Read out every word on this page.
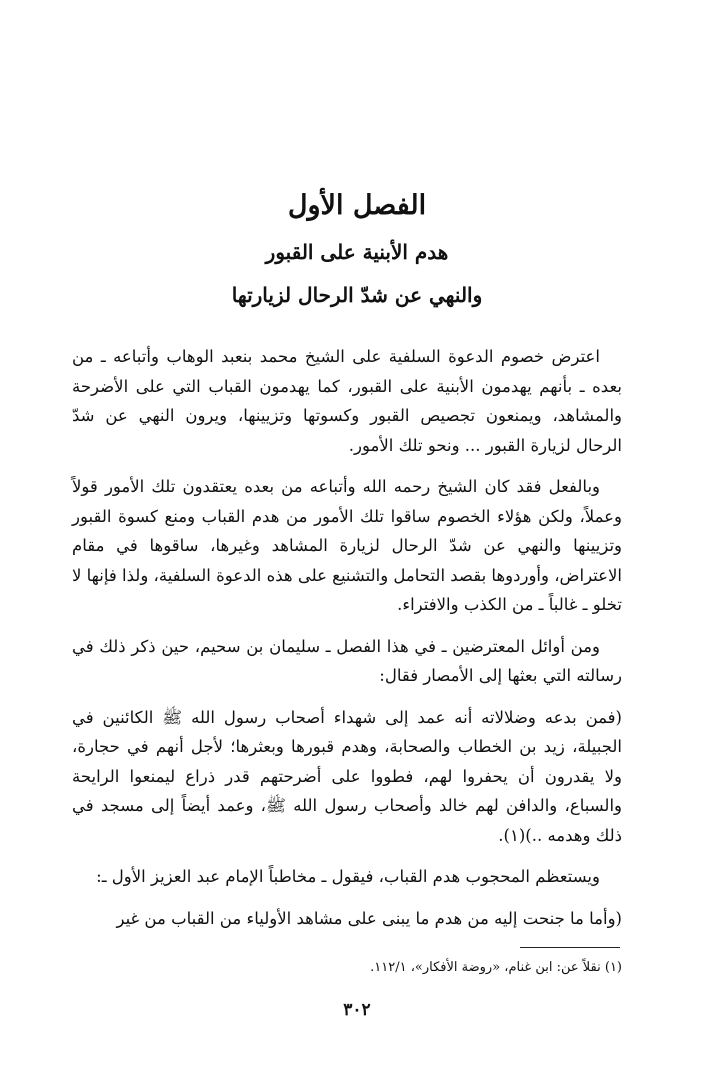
الفصل الأول
هدم الأبنية على القبور
والنهي عن شدّ الرحال لزيارتها

اعترض خصوم الدعوة السلفية على الشيخ محمد بنعبد الوهاب وأتباعه ـ من بعده ـ بأنهم يهدمون الأبنية على القبور، كما يهدمون القباب التي على الأضرحة والمشاهد، ويمنعون تجصيص القبور وكسوتها وتزيينها، ويرون النهي عن شدّ الرحال لزيارة القبور ... ونحو تلك الأمور.

وبالفعل فقد كان الشيخ رحمه الله وأتباعه من بعده يعتقدون تلك الأمور قولاً وعملاً، ولكن هؤلاء الخصوم ساقوا تلك الأمور من هدم القباب ومنع كسوة القبور وتزيينها والنهي عن شدّ الرحال لزيارة المشاهد وغيرها، ساقوها في مقام الاعتراض، وأوردوها بقصد التحامل والتشنيع على هذه الدعوة السلفية، ولذا فإنها لا تخلو ـ غالباً ـ من الكذب والافتراء.

ومن أوائل المعترضين ـ في هذا الفصل ـ سليمان بن سحيم، حين ذكر ذلك في رسالته التي بعثها إلى الأمصار فقال:

(فمن بدعه وضلالاته أنه عمد إلى شهداء أصحاب رسول الله ﷺ الكائنين في الجبيلة، زيد بن الخطاب والصحابة، وهدم قبورها وبعثرها؛ لأجل أنهم في حجارة، ولا يقدرون أن يحفروا لهم، فطووا على أضرحتهم قدر ذراع ليمنعوا الرايحة والسباع، والدافن لهم خالد وأصحاب رسول الله ﷺ، وعمد أيضاً إلى مسجد في ذلك وهدمه ..)(١).

ويستعظم المحجوب هدم القباب، فيقول ـ مخاطباً الإمام عبد العزيز الأول ـ:

(وأما ما جنحت إليه من هدم ما يبنى على مشاهد الأولياء من القباب من غير

(١) نقلاً عن: ابن غنام، «روضة الأفكار»، ١١٢/١.
٣٠٢
